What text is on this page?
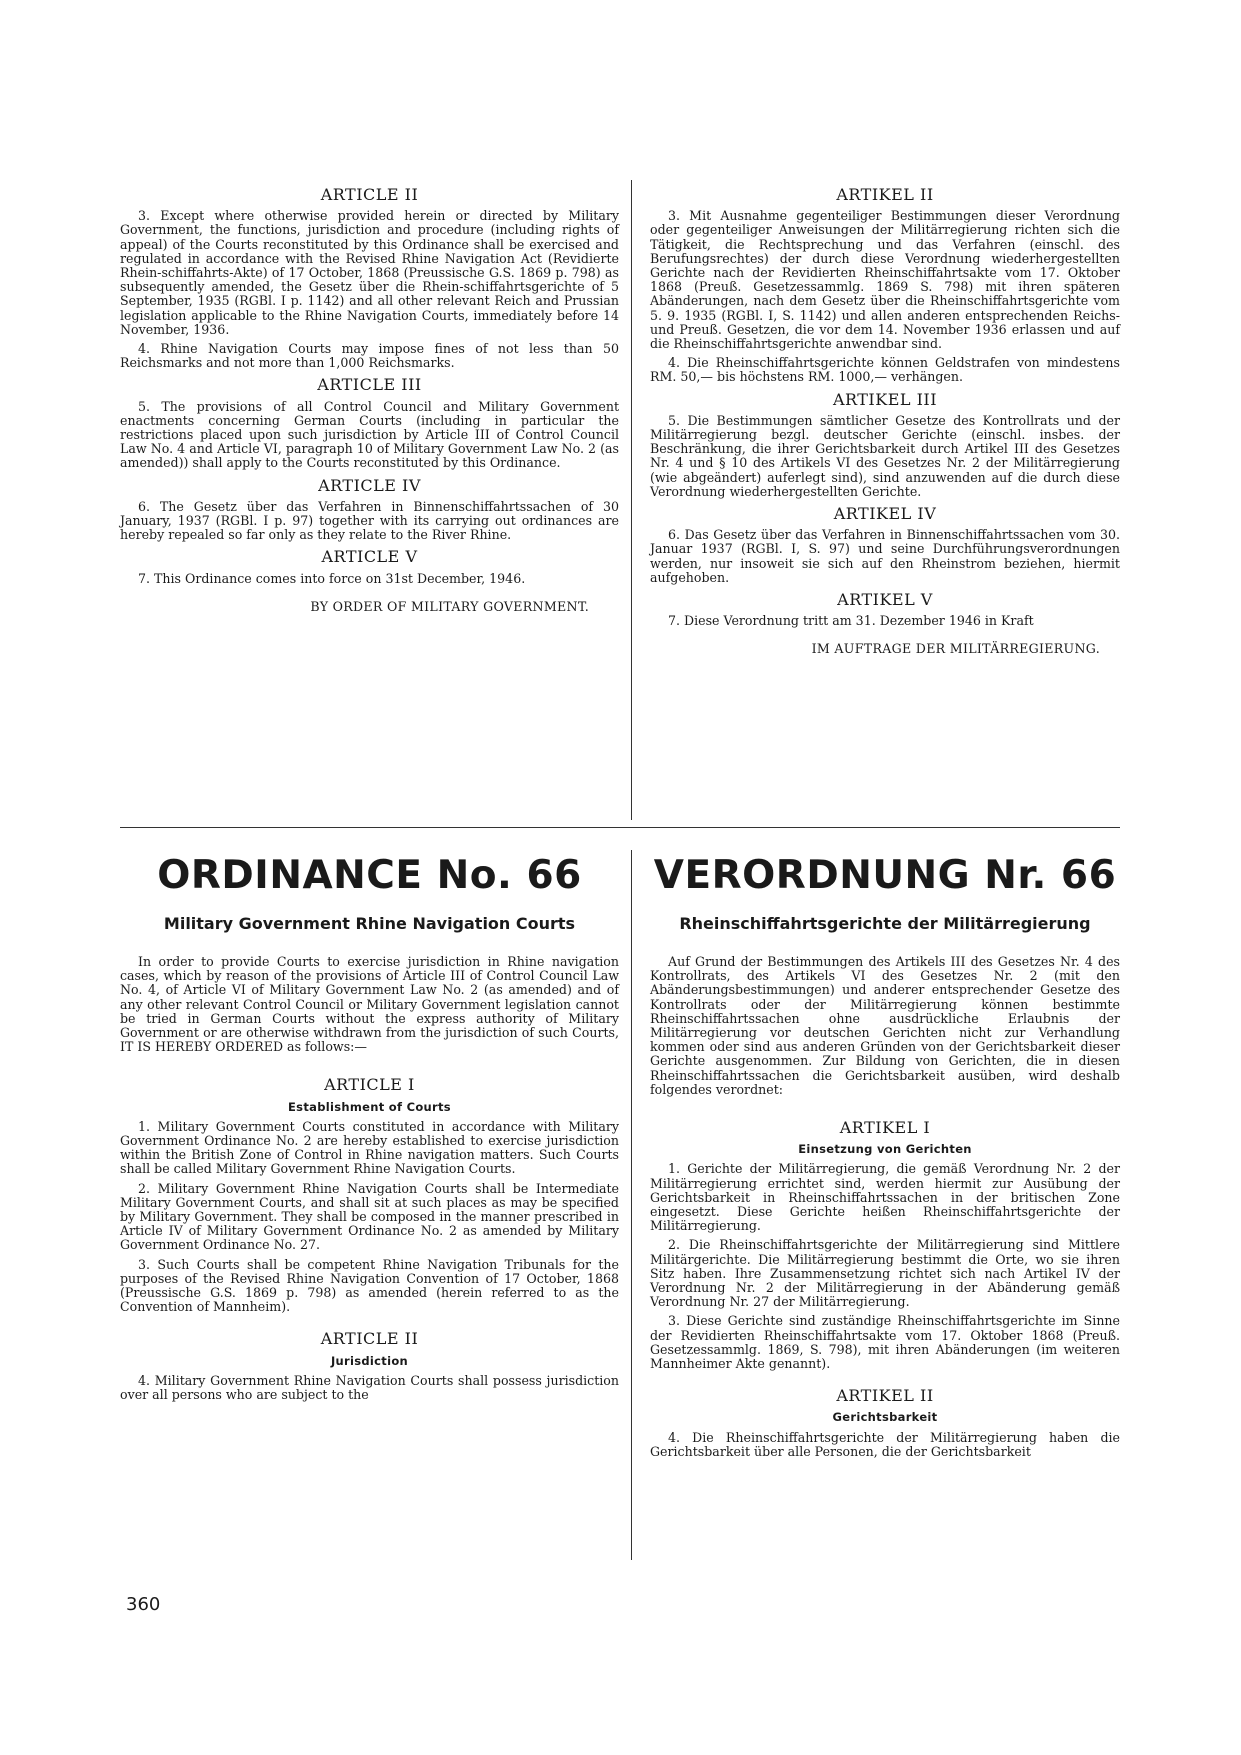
ARTICLE II

3. Except where otherwise provided herein or directed by Military Government, the functions, jurisdiction and procedure (including rights of appeal) of the Courts reconstituted by this Ordinance shall be exercised and regulated in accordance with the Revised Rhine Navigation Act (Revidierte Rhein-schiffahrts-Akte) of 17 October, 1868 (Preussische G.S. 1869 p. 798) as subsequently amended, the Gesetz über die Rhein-schiffahrtsgerichte of 5 September, 1935 (RGBl. I p. 1142) and all other relevant Reich and Prussian legislation applicable to the Rhine Navigation Courts, immediately before 14 November, 1936.

4. Rhine Navigation Courts may impose fines of not less than 50 Reichsmarks and not more than 1,000 Reichsmarks.

ARTICLE III

5. The provisions of all Control Council and Military Government enactments concerning German Courts (including in particular the restrictions placed upon such jurisdiction by Article III of Control Council Law No. 4 and Article VI, paragraph 10 of Military Government Law No. 2 (as amended)) shall apply to the Courts reconstituted by this Ordinance.

ARTICLE IV

6. The Gesetz über das Verfahren in Binnenschiffahrtssachen of 30 January, 1937 (RGBl. I p. 97) together with its carrying out ordinances are hereby repealed so far only as they relate to the River Rhine.

ARTICLE V

7. This Ordinance comes into force on 31st December, 1946.

BY ORDER OF MILITARY GOVERNMENT.
ARTIKEL II

3. Mit Ausnahme gegenteiliger Bestimmungen dieser Verordnung oder gegenteiliger Anweisungen der Militärregierung richten sich die Tätigkeit, die Rechtsprechung und das Verfahren (einschl. des Berufungsrechtes) der durch diese Verordnung wiederhergestellten Gerichte nach der Revidierten Rheinschiffahrtsakte vom 17. Oktober 1868 (Preuß. Gesetzessammlg. 1869 S. 798) mit ihren späteren Abänderungen, nach dem Gesetz über die Rheinschiffahrtsgerichte vom 5. 9. 1935 (RGBl. I, S. 1142) und allen anderen entsprechenden Reichs- und Preuß. Gesetzen, die vor dem 14. November 1936 erlassen und auf die Rheinschiffahrtsgerichte anwendbar sind.

4. Die Rheinschiffahrtsgerichte können Geldstrafen von mindestens RM. 50,— bis höchstens RM. 1000,— verhängen.

ARTIKEL III

5. Die Bestimmungen sämtlicher Gesetze des Kontrollrats und der Militärregierung bezgl. deutscher Gerichte (einschl. insbes. der Beschränkung, die ihrer Gerichtsbarkeit durch Artikel III des Gesetzes Nr. 4 und § 10 des Artikels VI des Gesetzes Nr. 2 der Militärregierung (wie abgeändert) auferlegt sind), sind anzuwenden auf die durch diese Verordnung wiederhergestellten Gerichte.

ARTIKEL IV

6. Das Gesetz über das Verfahren in Binnenschiffahrtssachen vom 30. Januar 1937 (RGBl. I, S. 97) und seine Durchführungsverordnungen werden, nur insoweit sie sich auf den Rheinstrom beziehen, hiermit aufgehoben.

ARTIKEL V

7. Diese Verordnung tritt am 31. Dezember 1946 in Kraft

IM AUFTRAGE DER MILITÄRREGIERUNG.
ORDINANCE No. 66	VERORDNUNG Nr. 66
Military Government Rhine Navigation Courts	Rheinschiffahrtsgerichte der Militärregierung

In order to provide Courts to exercise jurisdiction in Rhine navigation cases, which by reason of the provisions of Article III of Control Council Law No. 4, of Article VI of Military Government Law No. 2 (as amended) and of any other relevant Control Council or Military Government legislation cannot be tried in German Courts without the express authority of Military Government or are otherwise withdrawn from the jurisdiction of such Courts, IT IS HEREBY ORDERED as follows:—

ARTICLE I
Establishment of Courts

1. Military Government Courts constituted in accordance with Military Government Ordinance No. 2 are hereby established to exercise jurisdiction within the British Zone of Control in Rhine navigation matters. Such Courts shall be called Military Government Rhine Navigation Courts.

2. Military Government Rhine Navigation Courts shall be Intermediate Military Government Courts, and shall sit at such places as may be specified by Military Government. They shall be composed in the manner prescribed in Article IV of Military Government Ordinance No. 2 as amended by Military Government Ordinance No. 27.

3. Such Courts shall be competent Rhine Navigation Tribunals for the purposes of the Revised Rhine Navigation Convention of 17 October, 1868 (Preussische G.S. 1869 p. 798) as amended (herein referred to as the Convention of Mannheim).

ARTICLE II
Jurisdiction

4. Military Government Rhine Navigation Courts shall possess jurisdiction over all persons who are subject to the

Auf Grund der Bestimmungen des Artikels III des Gesetzes Nr. 4 des Kontrollrats, des Artikels VI des Gesetzes Nr. 2 (mit den Abänderungsbestimmungen) und anderer entsprechender Gesetze des Kontrollrats oder der Militärregierung können bestimmte Rheinschiffahrtssachen ohne ausdrückliche Erlaubnis der Militärregierung vor deutschen Gerichten nicht zur Verhandlung kommen oder sind aus anderen Gründen von der Gerichtsbarkeit dieser Gerichte ausgenommen. Zur Bildung von Gerichten, die in diesen Rheinschiffahrtssachen die Gerichtsbarkeit ausüben, wird deshalb folgendes verordnet:

ARTIKEL I
Einsetzung von Gerichten

1. Gerichte der Militärregierung, die gemäß Verordnung Nr. 2 der Militärregierung errichtet sind, werden hiermit zur Ausübung der Gerichtsbarkeit in Rheinschiffahrtssachen in der britischen Zone eingesetzt. Diese Gerichte heißen Rheinschiffahrtsgerichte der Militärregierung.

2. Die Rheinschiffahrtsgerichte der Militärregierung sind Mittlere Militärgerichte. Die Militärregierung bestimmt die Orte, wo sie ihren Sitz haben. Ihre Zusammensetzung richtet sich nach Artikel IV der Verordnung Nr. 2 der Militärregierung in der Abänderung gemäß Verordnung Nr. 27 der Militärregierung.

3. Diese Gerichte sind zuständige Rheinschiffahrtsgerichte im Sinne der Revidierten Rheinschiffahrtsakte vom 17. Oktober 1868 (Preuß. Gesetzessammlg. 1869, S. 798), mit ihren Abänderungen (im weiteren Mannheimer Akte genannt).

ARTIKEL II
Gerichtsbarkeit

4. Die Rheinschiffahrtsgerichte der Militärregierung haben die Gerichtsbarkeit über alle Personen, die der Gerichtsbarkeit

360
